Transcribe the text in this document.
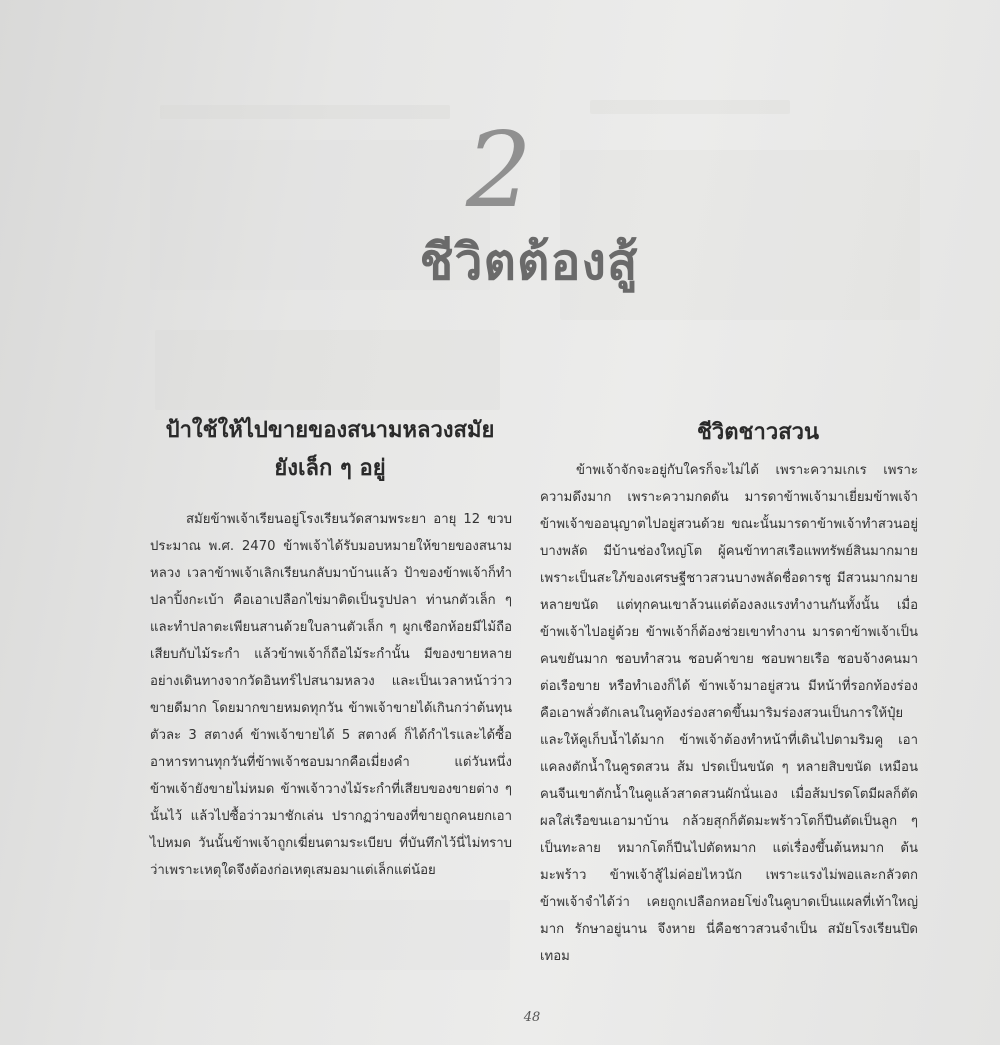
2
ชีวิตต้องสู้
ป้าใช้ให้ไปขายของสนามหลวงสมัย
ยังเล็ก ๆ อยู่

สมัยข้าพเจ้าเรียนอยู่โรงเรียนวัดสามพระยา อายุ 12 ขวบ ประมาณ พ.ศ. 2470 ข้าพเจ้าได้รับมอบหมายให้ขายของสนามหลวง เวลาข้าพเจ้าเลิกเรียนกลับมาบ้านแล้ว ป้าของข้าพเจ้าก็ทำปลาปิ้งกะเบ้า คือเอาเปลือกไข่มาติดเป็นรูปปลา ท่านกตัวเล็ก ๆ และทำปลาตะเพียนสานด้วยใบลานตัวเล็ก ๆ ผูกเชือกห้อยมีไม้ถือเสียบกับไม้ระกำ แล้วข้าพเจ้าก็ถือไม้ระกำนั้น มีของขายหลายอย่างเดินทางจากวัดอินทร์ไปสนามหลวง และเป็นเวลาหน้าว่าวขายดีมาก โดยมากขายหมดทุกวัน ข้าพเจ้าขายได้เกินกว่าต้นทุนตัวละ 3 สตางค์ ข้าพเจ้าขายได้ 5 สตางค์ ก็ได้กำไรและได้ซื้ออาหารทานทุกวันที่ข้าพเจ้าชอบมากคือเมี่ยงคำ แต่วันหนึ่งข้าพเจ้ายังขายไม่หมด ข้าพเจ้าวางไม้ระกำที่เสียบของขายต่าง ๆ นั้นไว้ แล้วไปซื้อว่าวมาชักเล่น ปรากฏว่าของที่ขายถูกคนยกเอาไปหมด วันนั้นข้าพเจ้าถูกเฆี่ยนตามระเบียบ ที่บันทึกไว้นี่ไม่ทราบว่าเพราะเหตุใดจึงต้องก่อเหตุเสมอมาแต่เล็กแต่น้อย

ชีวิตชาวสวน

ข้าพเจ้าจักจะอยู่กับใครก็จะไม่ได้ เพราะความเกเร เพราะความดึงมาก เพราะความกดดัน มารดาข้าพเจ้ามาเยี่ยมข้าพเจ้า ข้าพเจ้าขออนุญาตไปอยู่สวนด้วย ขณะนั้นมารดาข้าพเจ้าทำสวนอยู่บางพลัด มีบ้านช่องใหญ่โต ผู้คนข้าทาสเรือแพทรัพย์สินมากมาย เพราะเป็นสะใภ้ของเศรษฐีชาวสวนบางพลัดชื่อดารชู มีสวนมากมายหลายขนัด แต่ทุกคนเขาล้วนแต่ต้องลงแรงทำงานกันทั้งนั้น เมื่อข้าพเจ้าไปอยู่ด้วย ข้าพเจ้าก็ต้องช่วยเขาทำงาน มารดาข้าพเจ้าเป็นคนขยันมาก ชอบทำสวน ชอบค้าขาย ชอบพายเรือ ชอบจ้างคนมาต่อเรือขาย หรือทำเองก็ได้ ข้าพเจ้ามาอยู่สวน มีหน้าที่รอกท้องร่อง คือเอาพลั่วตักเลนในคูท้องร่องสาดขึ้นมาริมร่องสวนเป็นการให้ปุ๋ย และให้คูเก็บน้ำได้มาก ข้าพเจ้าต้องทำหน้าที่เดินไปตามริมคู เอาแคลงตักน้ำในคูรดสวน ส้ม ปรดเป็นขนัด ๆ หลายสิบขนัด เหมือนคนจีนเขาตักน้ำในคูแล้วสาดสวนผักนั่นเอง เมื่อส้มปรดโตมีผลก็ตัดผลใส่เรือขนเอามาบ้าน กล้วยสุกก็ตัดมะพร้าวโตก็ปีนตัดเป็นลูก ๆ เป็นทะลาย หมากโตก็ปีนไปตัดหมาก แต่เรื่องขึ้นต้นหมาก ต้นมะพร้าว ข้าพเจ้าสู้ไม่ค่อยไหวนัก เพราะแรงไม่พอและกลัวตก ข้าพเจ้าจำได้ว่า เคยถูกเปลือกหอยโข่งในคูบาดเป็นแผลที่เท้าใหญ่มาก รักษาอยู่นาน จึงหาย นี่คือชาวสวนจำเป็น สมัยโรงเรียนปิดเทอม

48
